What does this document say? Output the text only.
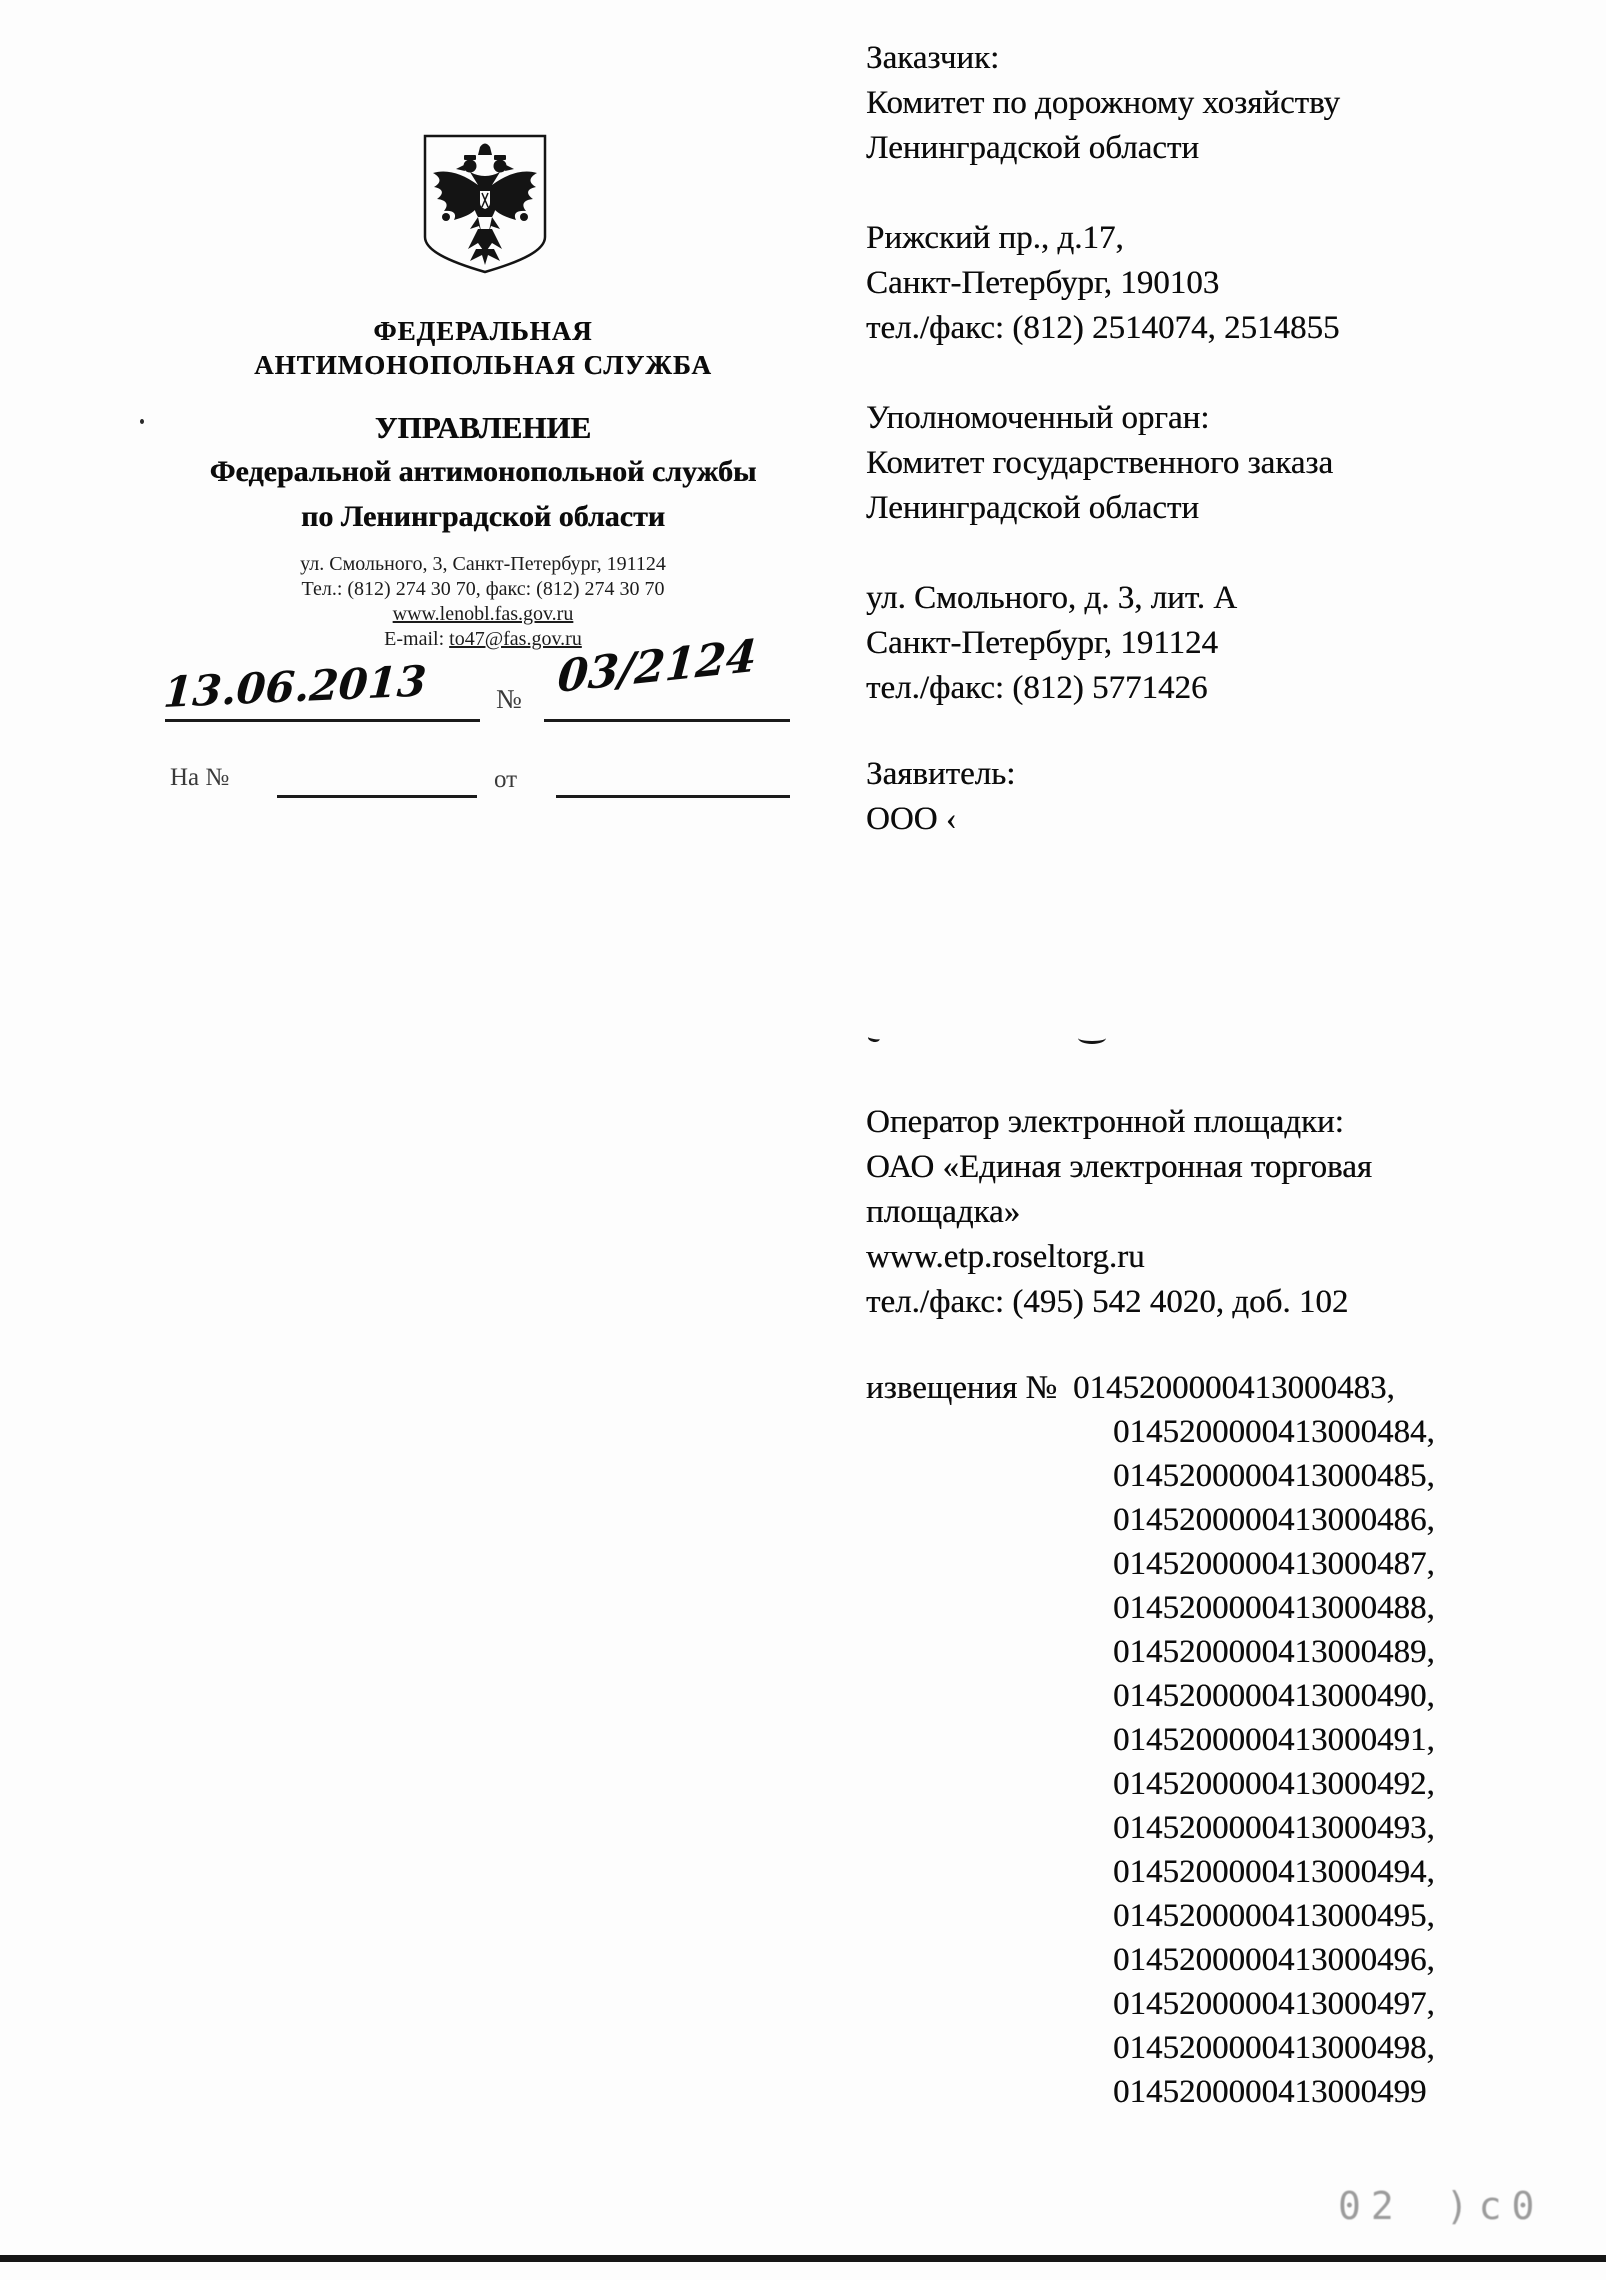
ФЕДЕРАЛЬНАЯ
АНТИМОНОПОЛЬНАЯ СЛУЖБА
УПРАВЛЕНИЕ
Федеральной антимонопольной службы
по Ленинградской области
ул. Смольного, 3, Санкт-Петербург, 191124
Тел.: (812) 274 30 70, факс: (812) 274 30 70
www.lenobl.fas.gov.ru
E-mail: to47@fas.gov.ru
13.06.2013	№ 03/2124
На №	от
Заказчик:
Комитет по дорожному хозяйству
Ленинградской области
Рижский пр., д.17,
Санкт-Петербург, 190103
тел./факс: (812) 2514074, 2514855
Уполномоченный орган:
Комитет государственного заказа
Ленинградской области
ул. Смольного, д. 3, лит. А
Санкт-Петербург, 191124
тел./факс: (812) 5771426
Заявитель:
ООО ‹
Оператор электронной площадки:
ОАО «Единая электронная торговая
площадка»
www.etp.roseltorg.ru
тел./факс: (495) 542 4020, доб. 102
извещения № 0145200000413000483,
0145200000413000484,
0145200000413000485,
0145200000413000486,
0145200000413000487,
0145200000413000488,
0145200000413000489,
0145200000413000490,
0145200000413000491,
0145200000413000492,
0145200000413000493,
0145200000413000494,
0145200000413000495,
0145200000413000496,
0145200000413000497,
0145200000413000498,
0145200000413000499
02 )c0
